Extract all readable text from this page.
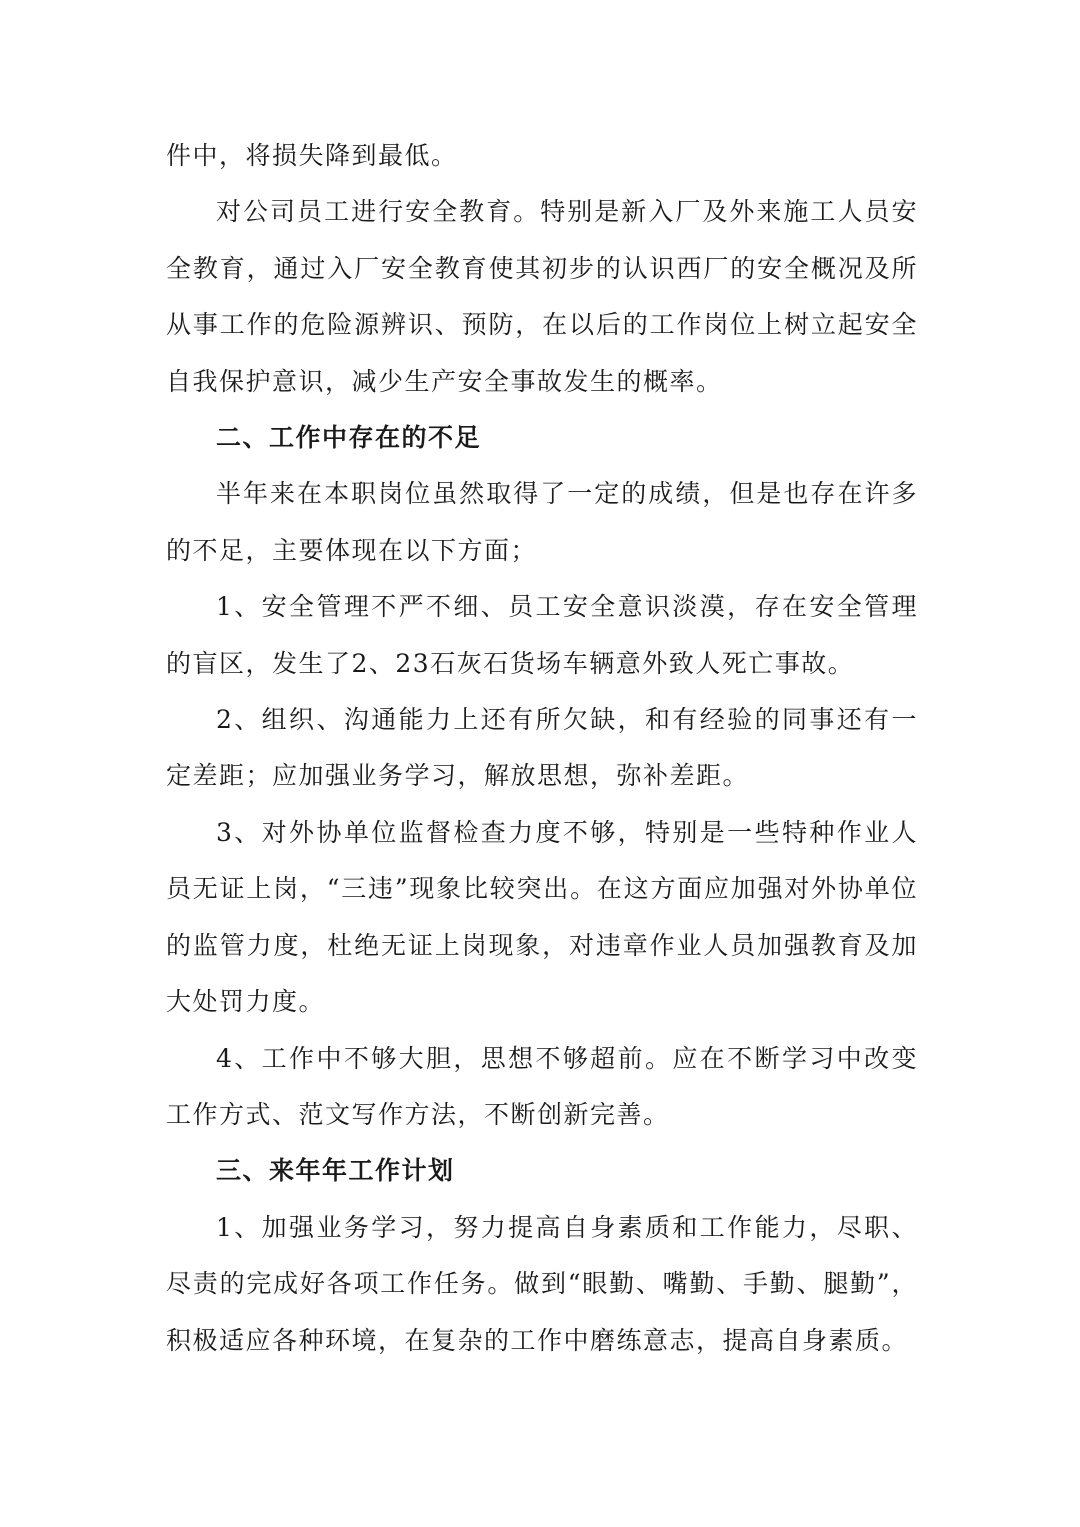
件中，将损失降到最低。

对公司员工进行安全教育。特别是新入厂及外来施工人员安全教育，通过入厂安全教育使其初步的认识西厂的安全概况及所从事工作的危险源辨识、预防，在以后的工作岗位上树立起安全自我保护意识，减少生产安全事故发生的概率。

二、工作中存在的不足

半年来在本职岗位虽然取得了一定的成绩，但是也存在许多的不足，主要体现在以下方面；

1、安全管理不严不细、员工安全意识淡漠，存在安全管理的盲区，发生了2、23石灰石货场车辆意外致人死亡事故。

2、组织、沟通能力上还有所欠缺，和有经验的同事还有一定差距；应加强业务学习，解放思想，弥补差距。

3、对外协单位监督检查力度不够，特别是一些特种作业人员无证上岗，“三违”现象比较突出。在这方面应加强对外协单位的监管力度，杜绝无证上岗现象，对违章作业人员加强教育及加大处罚力度。

4、工作中不够大胆，思想不够超前。应在不断学习中改变工作方式、范文写作方法，不断创新完善。

三、来年年工作计划

1、加强业务学习，努力提高自身素质和工作能力，尽职、尽责的完成好各项工作任务。做到“眼勤、嘴勤、手勤、腿勤”，积极适应各种环境，在复杂的工作中磨练意志，提高自身素质。
